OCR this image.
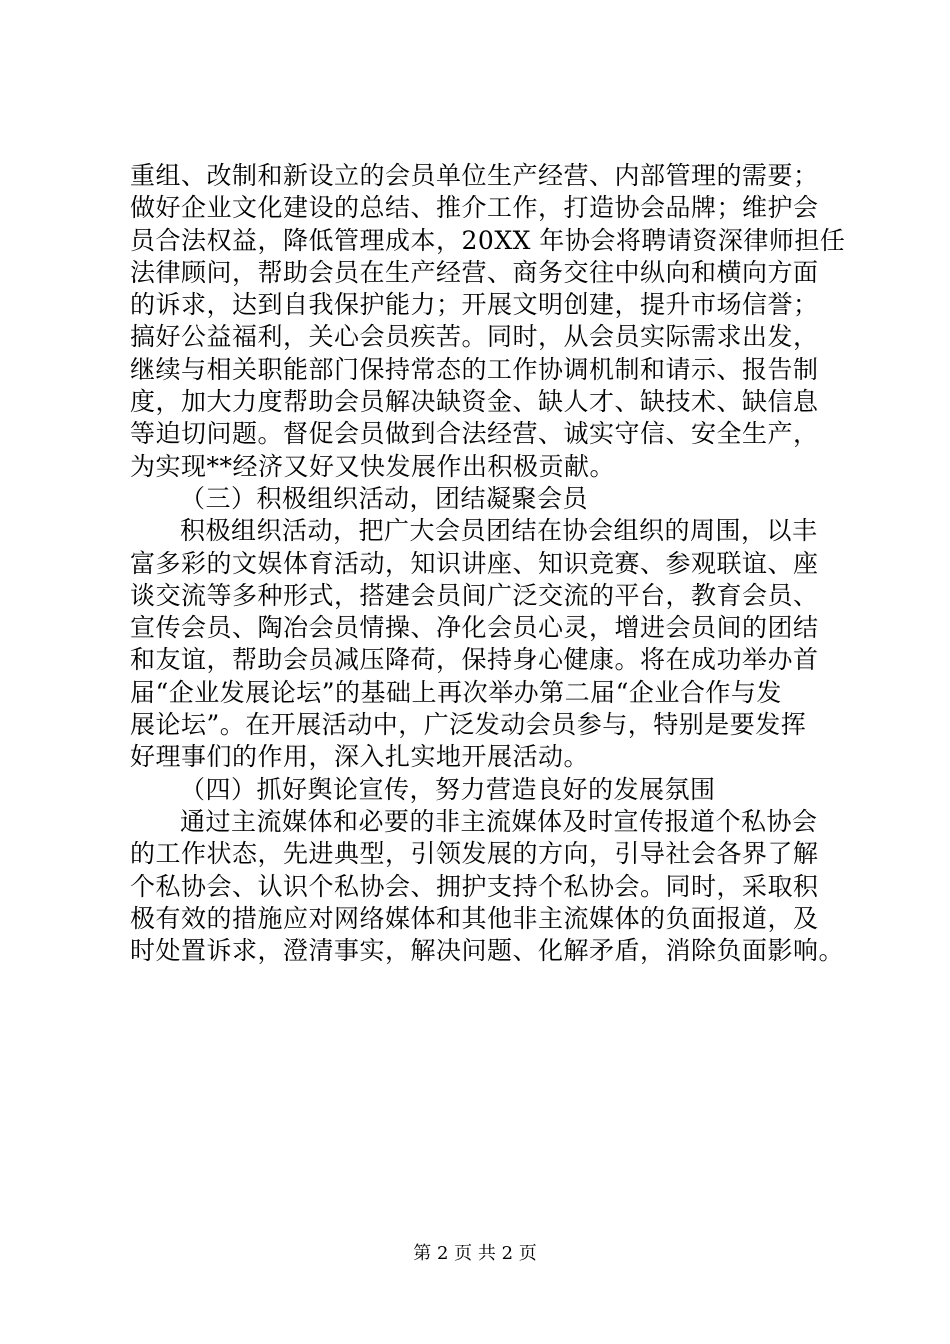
重组、改制和新设立的会员单位生产经营、内部管理的需要；
做好企业文化建设的总结、推介工作，打造协会品牌；维护会
员合法权益，降低管理成本，20XX 年协会将聘请资深律师担任
法律顾问，帮助会员在生产经营、商务交往中纵向和横向方面
的诉求，达到自我保护能力；开展文明创建，提升市场信誉；
搞好公益福利，关心会员疾苦。同时，从会员实际需求出发，
继续与相关职能部门保持常态的工作协调机制和请示、报告制
度，加大力度帮助会员解决缺资金、缺人才、缺技术、缺信息
等迫切问题。督促会员做到合法经营、诚实守信、安全生产，
为实现**经济又好又快发展作出积极贡献。
（三）积极组织活动，团结凝聚会员
积极组织活动，把广大会员团结在协会组织的周围，以丰
富多彩的文娱体育活动，知识讲座、知识竞赛、参观联谊、座
谈交流等多种形式，搭建会员间广泛交流的平台，教育会员、
宣传会员、陶冶会员情操、净化会员心灵，增进会员间的团结
和友谊，帮助会员减压降荷，保持身心健康。将在成功举办首
届“企业发展论坛”的基础上再次举办第二届“企业合作与发
展论坛”。在开展活动中，广泛发动会员参与，特别是要发挥
好理事们的作用，深入扎实地开展活动。
（四）抓好舆论宣传，努力营造良好的发展氛围
通过主流媒体和必要的非主流媒体及时宣传报道个私协会
的工作状态，先进典型，引领发展的方向，引导社会各界了解
个私协会、认识个私协会、拥护支持个私协会。同时，采取积
极有效的措施应对网络媒体和其他非主流媒体的负面报道，及
时处置诉求，澄清事实，解决问题、化解矛盾，消除负面影响。
第 2 页 共 2 页
